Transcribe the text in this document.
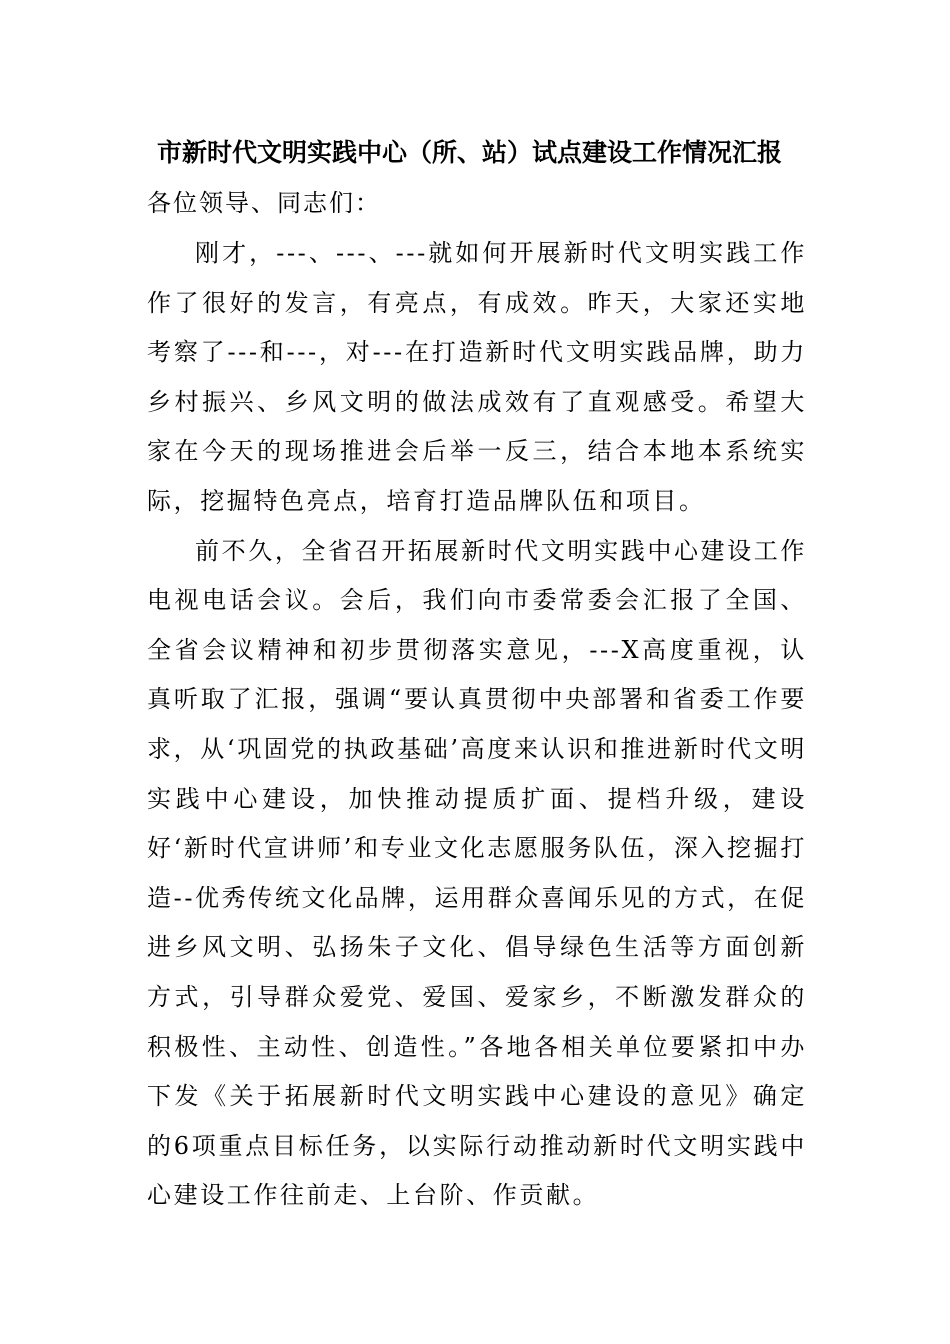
市新时代文明实践中心（所、站）试点建设工作情况汇报

各位领导、同志们：

刚才，---、---、---就如何开展新时代文明实践工作作了很好的发言，有亮点，有成效。昨天，大家还实地考察了---和---，对---在打造新时代文明实践品牌，助力乡村振兴、乡风文明的做法成效有了直观感受。希望大家在今天的现场推进会后举一反三，结合本地本系统实际，挖掘特色亮点，培育打造品牌队伍和项目。

前不久，全省召开拓展新时代文明实践中心建设工作电视电话会议。会后，我们向市委常委会汇报了全国、全省会议精神和初步贯彻落实意见，---X高度重视，认真听取了汇报，强调“要认真贯彻中央部署和省委工作要求，从‘巩固党的执政基础’高度来认识和推进新时代文明实践中心建设，加快推动提质扩面、提档升级，建设好‘新时代宣讲师’和专业文化志愿服务队伍，深入挖掘打造--优秀传统文化品牌，运用群众喜闻乐见的方式，在促进乡风文明、弘扬朱子文化、倡导绿色生活等方面创新方式，引导群众爱党、爱国、爱家乡，不断激发群众的积极性、主动性、创造性。”各地各相关单位要紧扣中办下发《关于拓展新时代文明实践中心建设的意见》确定的6项重点目标任务，以实际行动推动新时代文明实践中心建设工作往前走、上台阶、作贡献。
